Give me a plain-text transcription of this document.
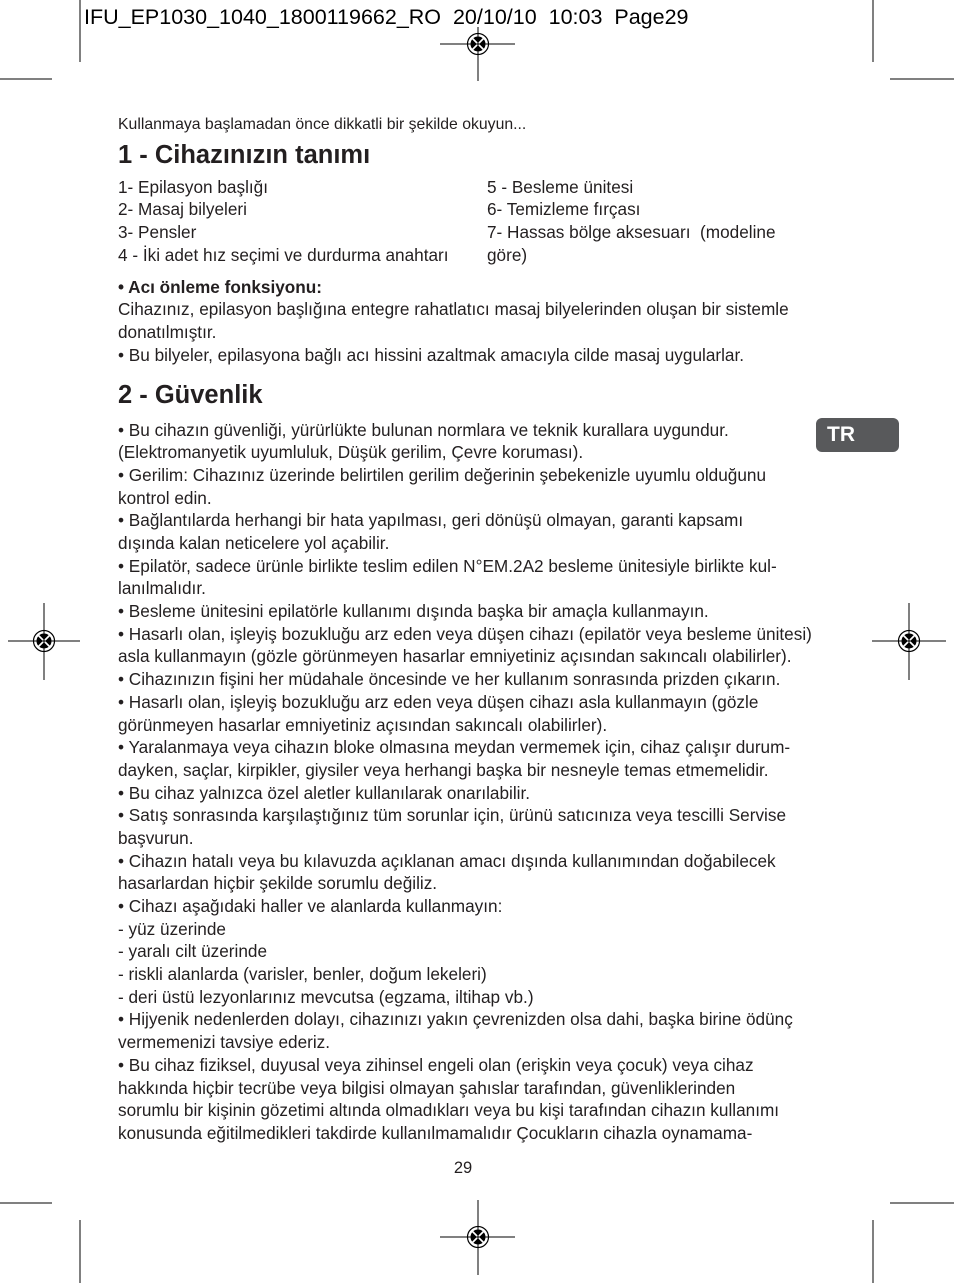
IFU_EP1030_1040_1800119662_RO  20/10/10  10:03  Page29
Kullanmaya başlamadan önce dikkatli bir şekilde okuyun...
1 - Cihazınızın tanımı
1- Epilasyon başlığı
2- Masaj bilyeleri
3- Pensler
4 - İki adet hız seçimi ve durdurma anahtarı
5 - Besleme ünitesi
6- Temizleme fırçası
7- Hassas bölge aksesuarı  (modeline
göre)
• Acı önleme fonksiyonu:
Cihazınız, epilasyon başlığına entegre rahatlatıcı masaj bilyelerinden oluşan bir sistemle
donatılmıştır.
• Bu bilyeler, epilasyona bağlı acı hissini azaltmak amacıyla cilde masaj uygularlar.
2 - Güvenlik
TR
• Bu cihazın güvenliği, yürürlükte bulunan normlara ve teknik kurallara uygundur.
(Elektromanyetik uyumluluk, Düşük gerilim, Çevre koruması).
• Gerilim: Cihazınız üzerinde belirtilen gerilim değerinin şebekenizle uyumlu olduğunu
kontrol edin.
• Bağlantılarda herhangi bir hata yapılması, geri dönüşü olmayan, garanti kapsamı
dışında kalan neticelere yol açabilir.
• Epilatör, sadece ürünle birlikte teslim edilen N°EM.2A2 besleme ünitesiyle birlikte kul-
lanılmalıdır.
• Besleme ünitesini epilatörle kullanımı dışında başka bir amaçla kullanmayın.
• Hasarlı olan, işleyiş bozukluğu arz eden veya düşen cihazı (epilatör veya besleme ünitesi)
asla kullanmayın (gözle görünmeyen hasarlar emniyetiniz açısından sakıncalı olabilirler).
• Cihazınızın fişini her müdahale öncesinde ve her kullanım sonrasında prizden çıkarın.
• Hasarlı olan, işleyiş bozukluğu arz eden veya düşen cihazı asla kullanmayın (gözle
görünmeyen hasarlar emniyetiniz açısından sakıncalı olabilirler).
• Yaralanmaya veya cihazın bloke olmasına meydan vermemek için, cihaz çalışır durum-
dayken, saçlar, kirpikler, giysiler veya herhangi başka bir nesneyle temas etmemelidir.
• Bu cihaz yalnızca özel aletler kullanılarak onarılabilir.
• Satış sonrasında karşılaştığınız tüm sorunlar için, ürünü satıcınıza veya tescilli Servise
başvurun.
• Cihazın hatalı veya bu kılavuzda açıklanan amacı dışında kullanımından doğabilecek
hasarlardan hiçbir şekilde sorumlu değiliz.
• Cihazı aşağıdaki haller ve alanlarda kullanmayın:
- yüz üzerinde
- yaralı cilt üzerinde
- riskli alanlarda (varisler, benler, doğum lekeleri)
- deri üstü lezyonlarınız mevcutsa (egzama, iltihap vb.)
• Hijyenik nedenlerden dolayı, cihazınızı yakın çevrenizden olsa dahi, başka birine ödünç
vermemenizi tavsiye ederiz.
• Bu cihaz fiziksel, duyusal veya zihinsel engeli olan (erişkin veya çocuk) veya cihaz
hakkında hiçbir tecrübe veya bilgisi olmayan şahıslar tarafından, güvenliklerinden
sorumlu bir kişinin gözetimi altında olmadıkları veya bu kişi tarafından cihazın kullanımı
konusunda eğitilmedikleri takdirde kullanılmamalıdır Çocukların cihazla oynamama-
29
